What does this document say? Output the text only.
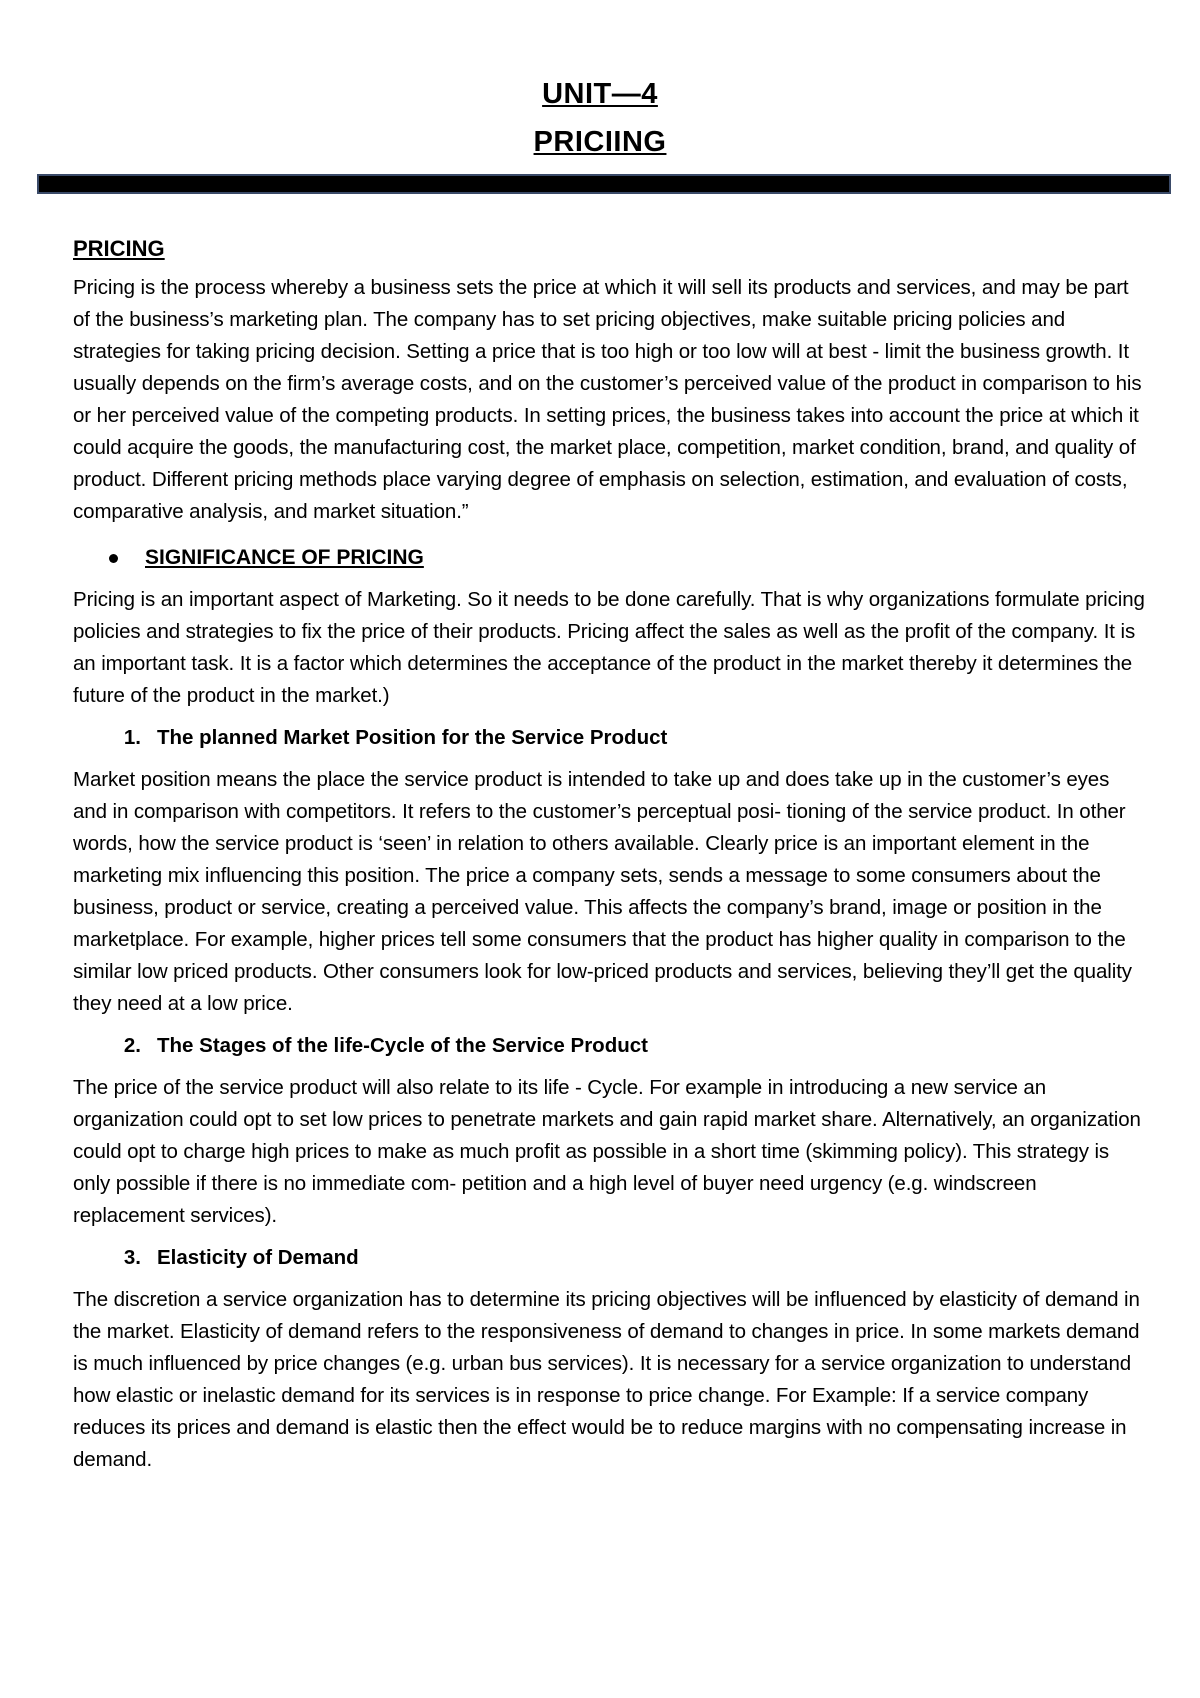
UNIT—4
PRICIING
PRICING

Pricing is the process whereby a business sets the price at which it will sell its products and services, and may be part of the business’s marketing plan. The company has to set pricing objectives, make suitable pricing policies and strategies for taking pricing decision. Setting a price that is too high or too low will at best - limit the business growth. It usually depends on the firm’s average costs, and on the customer’s perceived value of the product in comparison to his or her perceived value of the competing products. In setting prices, the business takes into account the price at which it could acquire the goods, the manufacturing cost, the market place, competition, market condition, brand, and quality of product. Different pricing methods place varying degree of emphasis on selection, estimation, and evaluation of costs, comparative analysis, and market situation.”

SIGNIFICANCE OF PRICING

Pricing is an important aspect of Marketing. So it needs to be done carefully. That is why organizations formulate pricing policies and strategies to fix the price of their products. Pricing affect the sales as well as the profit of the company. It is an important task. It is a factor which determines the acceptance of the product in the market thereby it determines the future of the product in the market.)

1. The planned Market Position for the Service Product

Market position means the place the service product is intended to take up and does take up in the customer’s eyes and in comparison with competitors. It refers to the customer’s perceptual posi- tioning of the service product. In other words, how the service product is ‘seen’ in relation to others available. Clearly price is an important element in the marketing mix influencing this position. The price a company sets, sends a message to some consumers about the business, product or service, creating a perceived value. This affects the company’s brand, image or position in the marketplace. For example, higher prices tell some consumers that the product has higher quality in comparison to the similar low priced products. Other consumers look for low-priced products and services, believing they’ll get the quality they need at a low price.

2. The Stages of the life-Cycle of the Service Product

The price of the service product will also relate to its life - Cycle. For example in introducing a new service an organization could opt to set low prices to penetrate markets and gain rapid market share. Alternatively, an organization could opt to charge high prices to make as much profit as possible in a short time (skimming policy). This strategy is only possible if there is no immediate com- petition and a high level of buyer need urgency (e.g. windscreen replacement services).

3. Elasticity of Demand

The discretion a service organization has to determine its pricing objectives will be influenced by elasticity of demand in the market. Elasticity of demand refers to the responsiveness of demand to changes in price. In some markets demand is much influenced by price changes (e.g. urban bus services). It is necessary for a service organization to understand how elastic or inelastic demand for its services is in response to price change. For Example: If a service company reduces its prices and demand is elastic then the effect would be to reduce margins with no compensating increase in demand.
